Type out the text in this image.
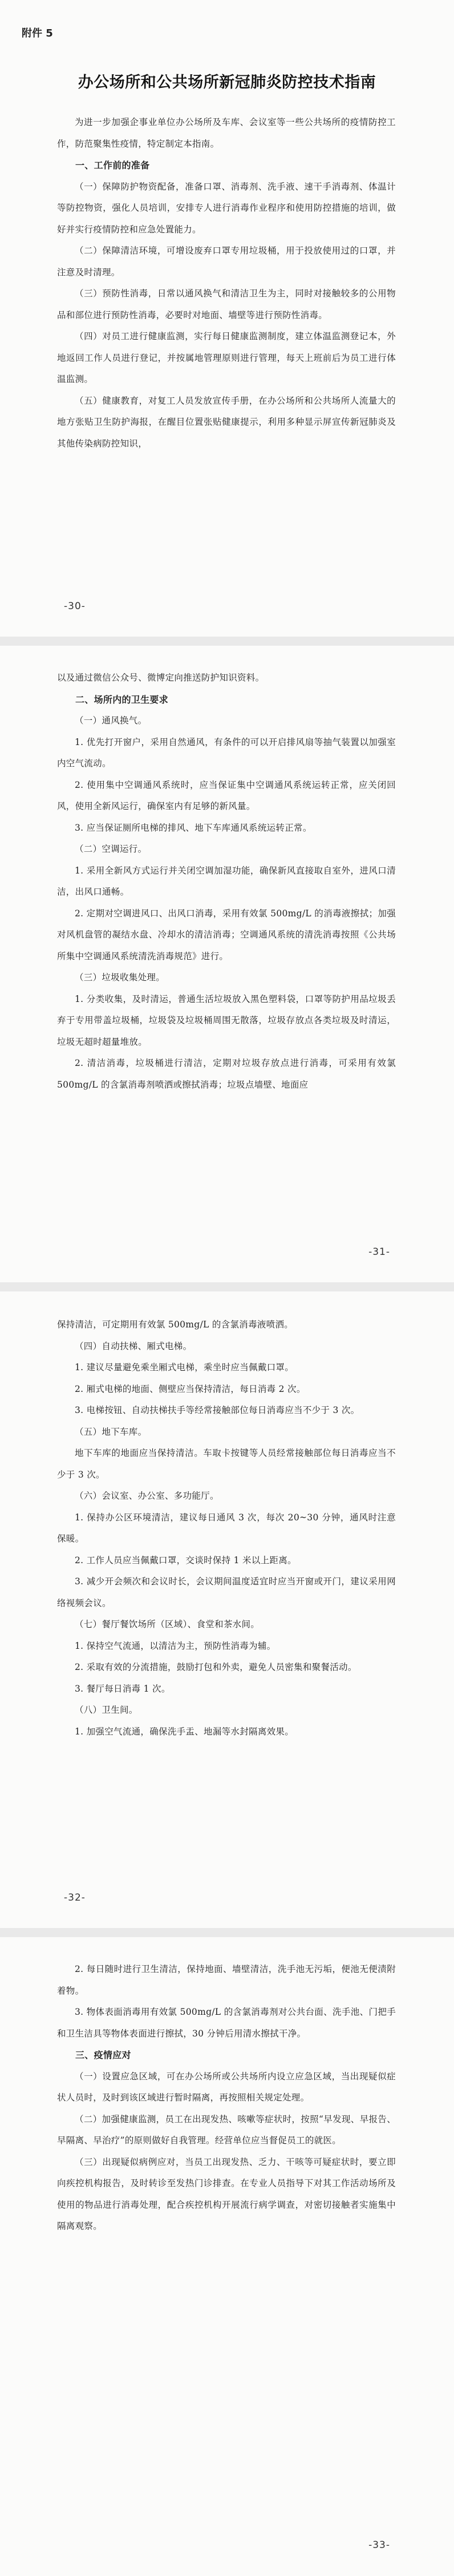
附件 5
办公场所和公共场所新冠肺炎防控技术指南

为进一步加强企事业单位办公场所及车库、会议室等一些公共场所的疫情防控工作，防范聚集性疫情，特定制定本指南。

一、工作前的准备

（一）保障防护物资配备，准备口罩、消毒剂、洗手液、速干手消毒剂、体温计等防控物资，强化人员培训，安排专人进行消毒作业程序和使用防控措施的培训，做好并实行疫情防控和应急处置能力。

（二）保障清洁环境，可增设废弃口罩专用垃圾桶，用于投放使用过的口罩，并注意及时清理。

（三）预防性消毒，日常以通风换气和清洁卫生为主，同时对接触较多的公用物品和部位进行预防性消毒，必要时对地面、墙壁等进行预防性消毒。

（四）对员工进行健康监测，实行每日健康监测制度，建立体温监测登记本，外地返回工作人员进行登记，并按属地管理原则进行管理，每天上班前后为员工进行体温监测。

（五）健康教育，对复工人员发放宣传手册，在办公场所和公共场所人流量大的地方张贴卫生防护海报，在醒目位置张贴健康提示，利用多种显示屏宣传新冠肺炎及其他传染病防控知识，

-30-

以及通过微信公众号、微博定向推送防护知识资料。

二、场所内的卫生要求

（一）通风换气。

1. 优先打开窗户，采用自然通风，有条件的可以开启排风扇等抽气装置以加强室内空气流动。

2. 使用集中空调通风系统时，应当保证集中空调通风系统运转正常，应关闭回风，使用全新风运行，确保室内有足够的新风量。

3. 应当保证厕所电梯的排风、地下车库通风系统运转正常。

（二）空调运行。

1. 采用全新风方式运行并关闭空调加湿功能，确保新风直接取自室外，进风口清洁，出风口通畅。

2. 定期对空调进风口、出风口消毒，采用有效氯 500mg/L 的消毒液擦拭；加强对风机盘管的凝结水盘、冷却水的清洁消毒；空调通风系统的清洗消毒按照《公共场所集中空调通风系统清洗消毒规范》进行。

（三）垃圾收集处理。

1. 分类收集，及时清运，普通生活垃圾放入黑色塑料袋，口罩等防护用品垃圾丢弃于专用带盖垃圾桶，垃圾袋及垃圾桶周围无散落，垃圾存放点各类垃圾及时清运，垃圾无超时超量堆放。

2. 清洁消毒，垃圾桶进行清洁，定期对垃圾存放点进行消毒，可采用有效氯 500mg/L 的含氯消毒剂喷洒或擦拭消毒；垃圾点墙壁、地面应

-31-

保持清洁，可定期用有效氯 500mg/L 的含氯消毒液喷洒。

（四）自动扶梯、厢式电梯。

1. 建议尽量避免乘坐厢式电梯，乘坐时应当佩戴口罩。

2. 厢式电梯的地面、侧壁应当保持清洁，每日消毒 2 次。

3. 电梯按钮、自动扶梯扶手等经常接触部位每日消毒应当不少于 3 次。

（五）地下车库。

地下车库的地面应当保持清洁。车取卡按键等人员经常接触部位每日消毒应当不少于 3 次。

（六）会议室、办公室、多功能厅。

1. 保持办公区环境清洁，建议每日通风 3 次，每次 20~30 分钟，通风时注意保暖。

2. 工作人员应当佩戴口罩，交谈时保持 1 米以上距离。

3. 减少开会频次和会议时长，会议期间温度适宜时应当开窗或开门，建议采用网络视频会议。

（七）餐厅餐饮场所（区域）、食堂和茶水间。

1. 保持空气流通，以清洁为主，预防性消毒为辅。

2. 采取有效的分流措施，鼓励打包和外卖，避免人员密集和聚餐活动。

3. 餐厅每日消毒 1 次。

（八）卫生间。

1. 加强空气流通，确保洗手盂、地漏等水封隔离效果。

-32-

2. 每日随时进行卫生清洁，保持地面、墙壁清洁，洗手池无污垢，便池无便渍附着物。

3. 物体表面消毒用有效氯 500mg/L 的含氯消毒剂对公共台面、洗手池、门把手和卫生洁具等物体表面进行擦拭，30 分钟后用清水擦拭干净。

三、疫情应对

（一）设置应急区域，可在办公场所或公共场所内设立应急区域，当出现疑似症状人员时，及时到该区域进行暂时隔离，再按照相关规定处理。

（二）加强健康监测，员工在出现发热、咳嗽等症状时，按照“早发现、早报告、早隔离、早治疗”的原则做好自我管理。经营单位应当督促员工的就医。

（三）出现疑似病例应对，当员工出现发热、乏力、干咳等可疑症状时，要立即向疾控机构报告，及时转诊至发热门诊排查。在专业人员指导下对其工作活动场所及使用的物品进行消毒处理，配合疾控机构开展流行病学调查，对密切接触者实施集中隔离观察。

-33-
